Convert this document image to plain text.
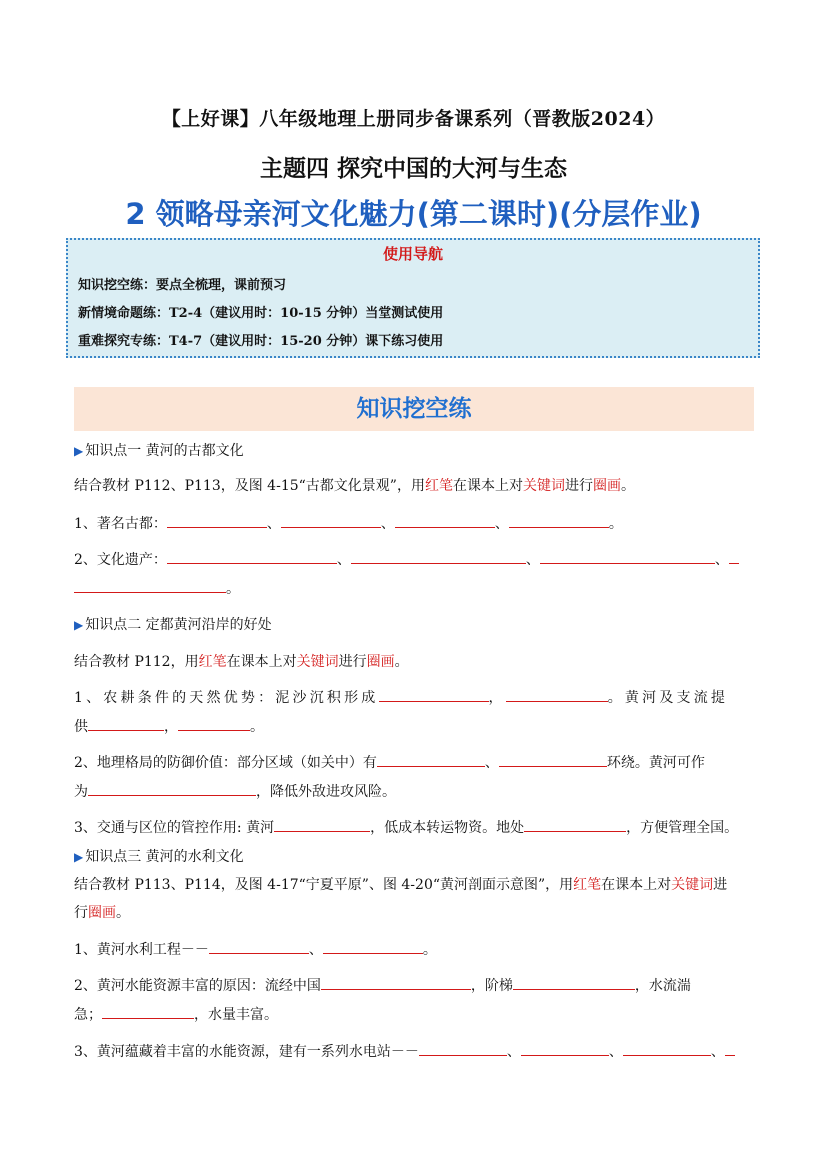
【上好课】八年级地理上册同步备课系列（晋教版2024）
主题四 探究中国的大河与生态
2 领略母亲河文化魅力(第二课时)(分层作业)
使用导航
知识挖空练：要点全梳理，课前预习
新情境命题练：T2-4（建议用时：10-15 分钟）当堂测试使用
重难探究专练：T4-7（建议用时：15-20 分钟）课下练习使用
知识挖空练
▶ 知识点一 黄河的古都文化
结合教材 P112、P113，及图 4-15“古都文化景观”，用红笔在课本上对关键词进行圈画。
1、著名古都：	、	、	、	。
2、文化遗产：	、	、	、
。
▶ 知识点二 定都黄河沿岸的好处
结合教材 P112，用红笔在课本上对关键词进行圈画。
1、农耕条件的天然优势：泥沙沉积形成	，	。黄河及支流提
供	，	。
2、地理格局的防御价值：部分区域（如关中）有	、	环绕。黄河可作
为	，降低外敌进攻风险。
3、交通与区位的管控作用: 黄河	，低成本转运物资。地处	，方便管理全国。
▶ 知识点三 黄河的水利文化
结合教材 P113、P114，及图 4-17“宁夏平原”、图 4-20“黄河剖面示意图”，用红笔在课本上对关键词进
行圈画。
1、黄河水利工程－－	、	。
2、黄河水能资源丰富的原因：流经中国	，阶梯	，水流湍
急；	，水量丰富。
3、黄河蕴藏着丰富的水能资源，建有一系列水电站－－	、	、	、
